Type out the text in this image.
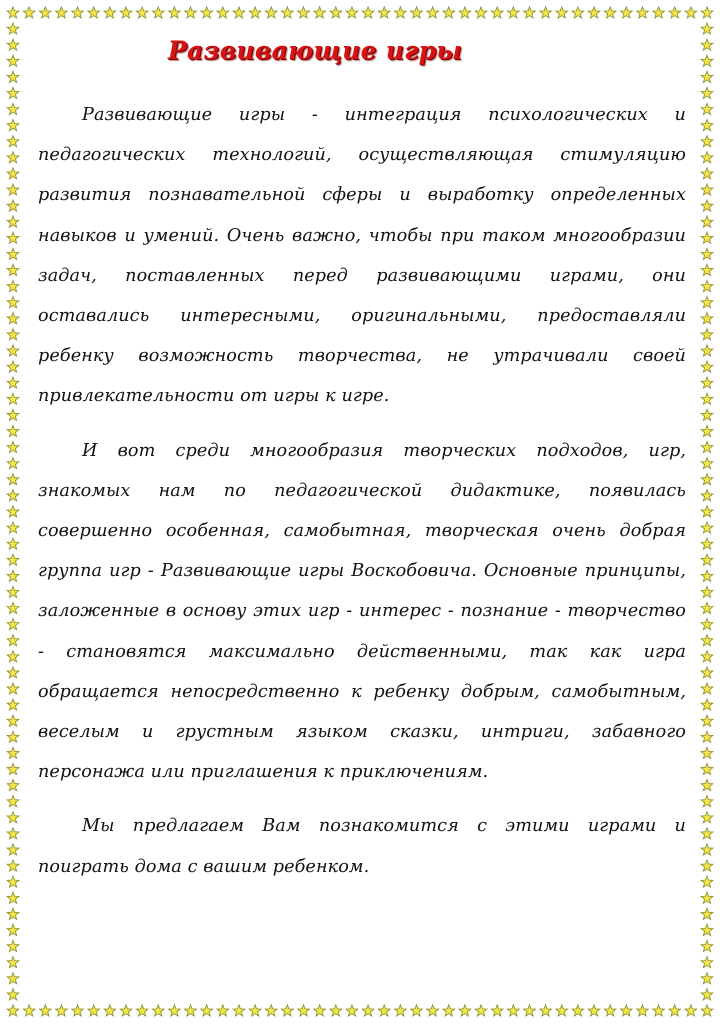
Развивающие игры

Развивающие игры - интеграция психологических и педагогических технологий, осуществляющая стимуляцию развития познавательной сферы и выработку определенных навыков и умений. Очень важно, чтобы при таком многообразии задач, поставленных перед развивающими играми, они оставались интересными, оригинальными, предоставляли ребенку возможность творчества, не утрачивали своей привлекательности от игры к игре.

И вот среди многообразия творческих подходов, игр, знакомых нам по педагогической дидактике, появилась совершенно особенная, самобытная, творческая очень добрая группа игр - Развивающие игры Воскобовича. Основные принципы, заложенные в основу этих игр - интерес - познание - творчество - становятся максимально действенными, так как игра обращается непосредственно к ребенку добрым, самобытным, веселым и грустным языком сказки, интриги, забавного персонажа или приглашения к приключениям.

Мы предлагаем Вам познакомится с этими играми и поиграть дома с вашим ребенком.
